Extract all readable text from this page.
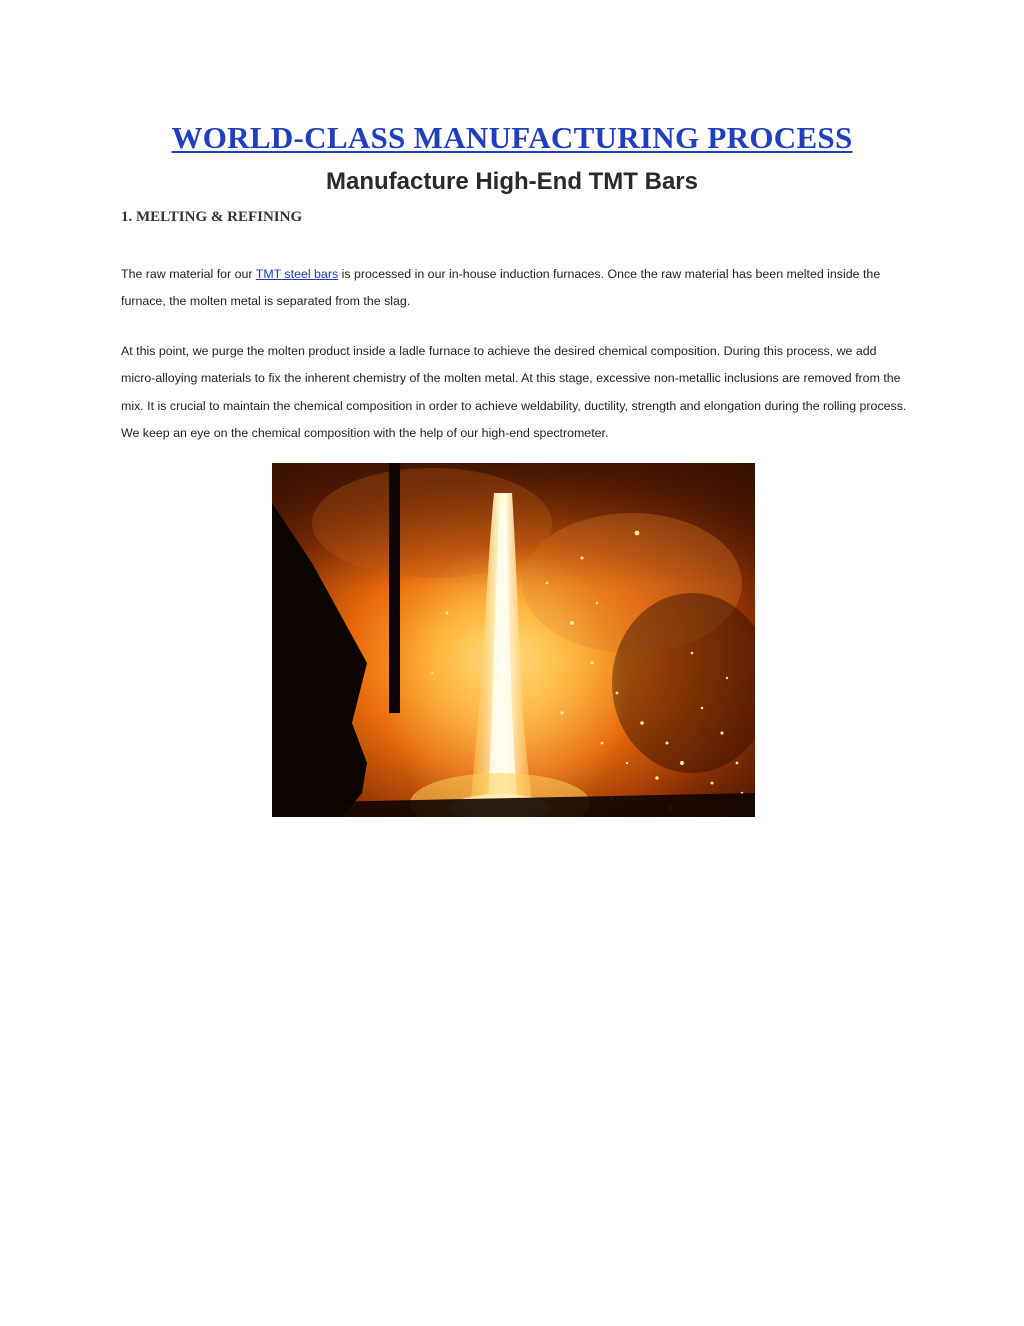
WORLD-CLASS MANUFACTURING PROCESS
Manufacture High-End TMT Bars
1. MELTING & REFINING

The raw material for our TMT steel bars is processed in our in-house induction furnaces. Once the raw material has been melted inside the furnace, the molten metal is separated from the slag.

At this point, we purge the molten product inside a ladle furnace to achieve the desired chemical composition. During this process, we add micro-alloying materials to fix the inherent chemistry of the molten metal. At this stage, excessive non-metallic inclusions are removed from the mix. It is crucial to maintain the chemical composition in order to achieve weldability, ductility, strength and elongation during the rolling process. We keep an eye on the chemical composition with the help of our high-end spectrometer.
